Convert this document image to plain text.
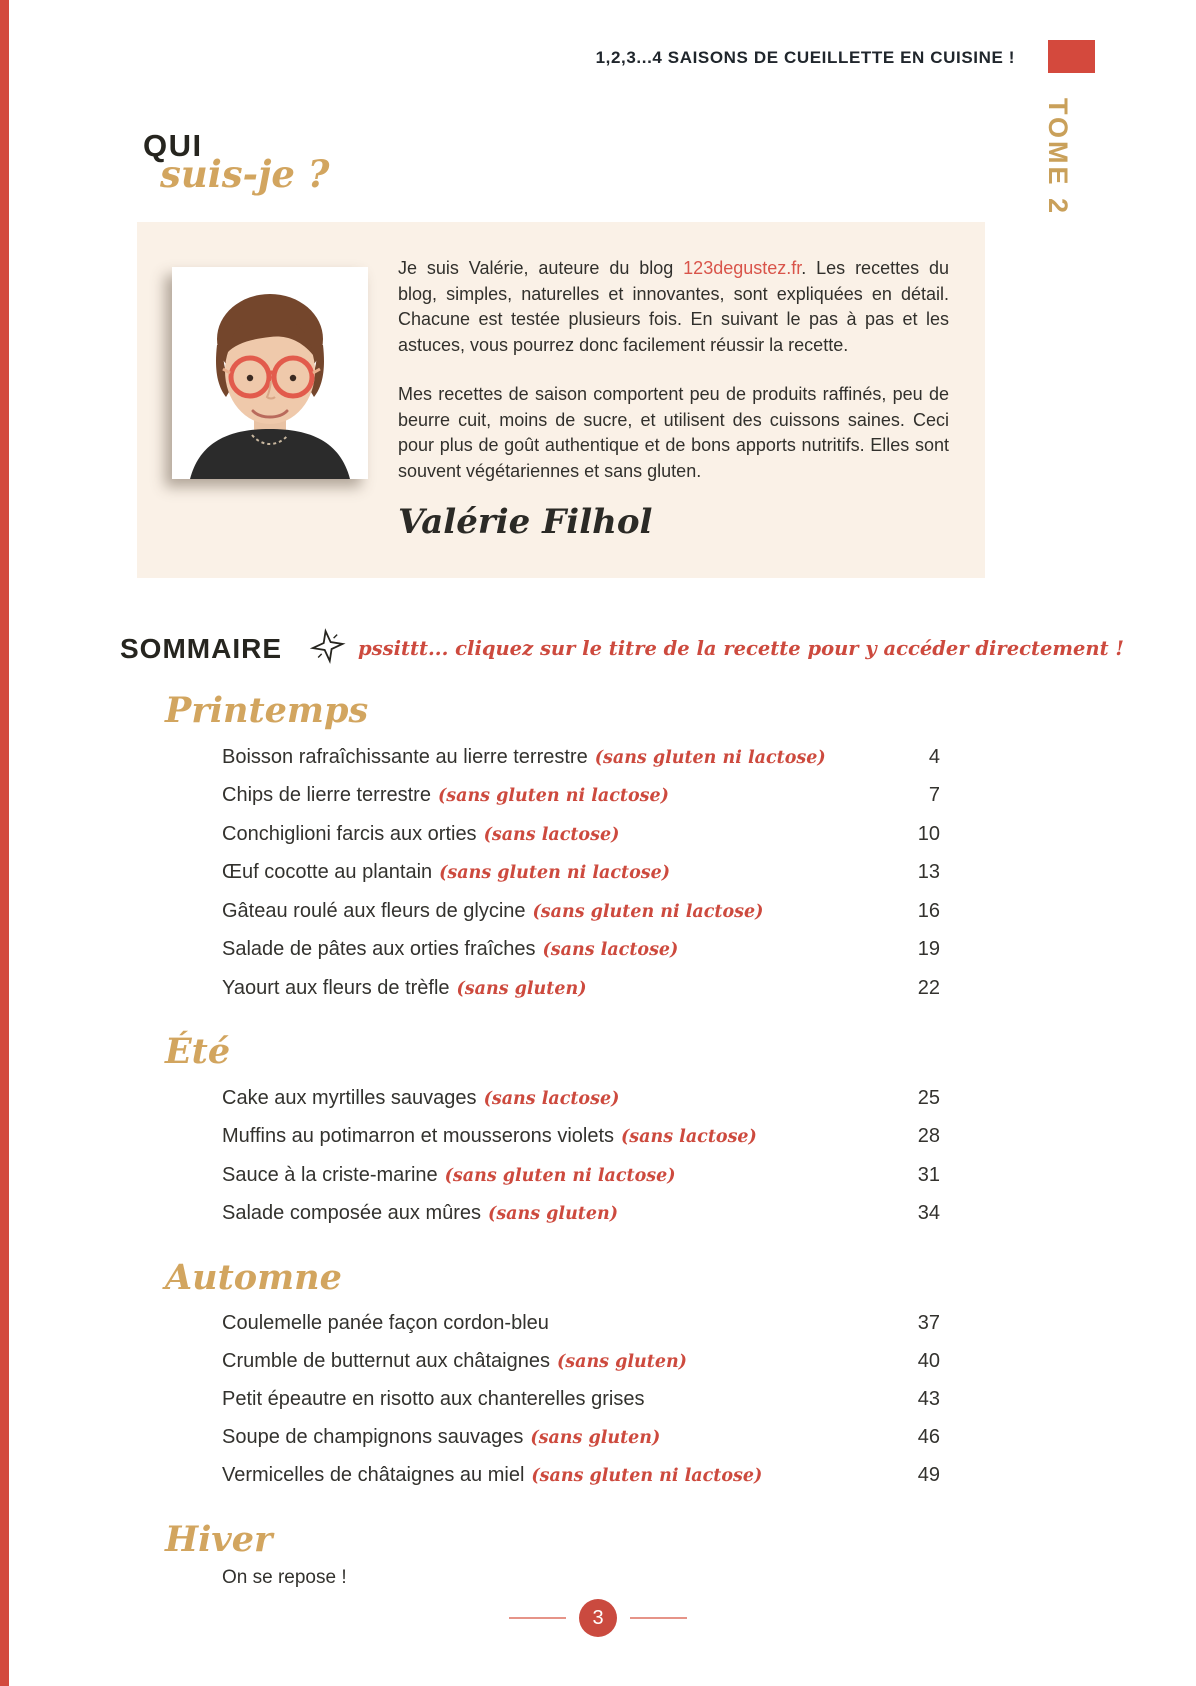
TOME 2
1,2,3...4 SAISONS DE CUEILLETTE EN CUISINE !
QUI
suis-je ?

Je suis Valérie, auteure du blog 123degustez.fr. Les recettes du blog, simples, naturelles et innovantes, sont expliquées en détail. Chacune est testée plusieurs fois. En suivant le pas à pas et les astuces, vous pourrez donc facilement réussir la recette.

Mes recettes de saison comportent peu de produits raffinés, peu de beurre cuit, moins de sucre, et utilisent des cuissons saines. Ceci pour plus de goût authentique et de bons apports nutritifs. Elles sont souvent végétariennes et sans gluten.

Valérie Filhol
SOMMAIRE	pssittt... cliquez sur le titre de la recette pour y accéder directement !
Printemps
Boisson rafraîchissante au lierre terrestre (sans gluten ni lactose)	4
Chips de lierre terrestre (sans gluten ni lactose)	7
Conchiglioni farcis aux orties (sans lactose)	10
Œuf cocotte au plantain (sans gluten ni lactose)	13
Gâteau roulé aux fleurs de glycine (sans gluten ni lactose)	16
Salade de pâtes aux orties fraîches (sans lactose)	19
Yaourt aux fleurs de trèfle (sans gluten)	22
Été
Cake aux myrtilles sauvages (sans lactose)	25
Muffins au potimarron et mousserons violets (sans lactose)	28
Sauce à la criste-marine (sans gluten ni lactose)	31
Salade composée aux mûres (sans gluten)	34
Automne
Coulemelle panée façon cordon-bleu	37
Crumble de butternut aux châtaignes (sans gluten)	40
Petit épeautre en risotto aux chanterelles grises	43
Soupe de champignons sauvages (sans gluten)	46
Vermicelles de châtaignes au miel (sans gluten ni lactose)	49
Hiver
On se repose !
3
